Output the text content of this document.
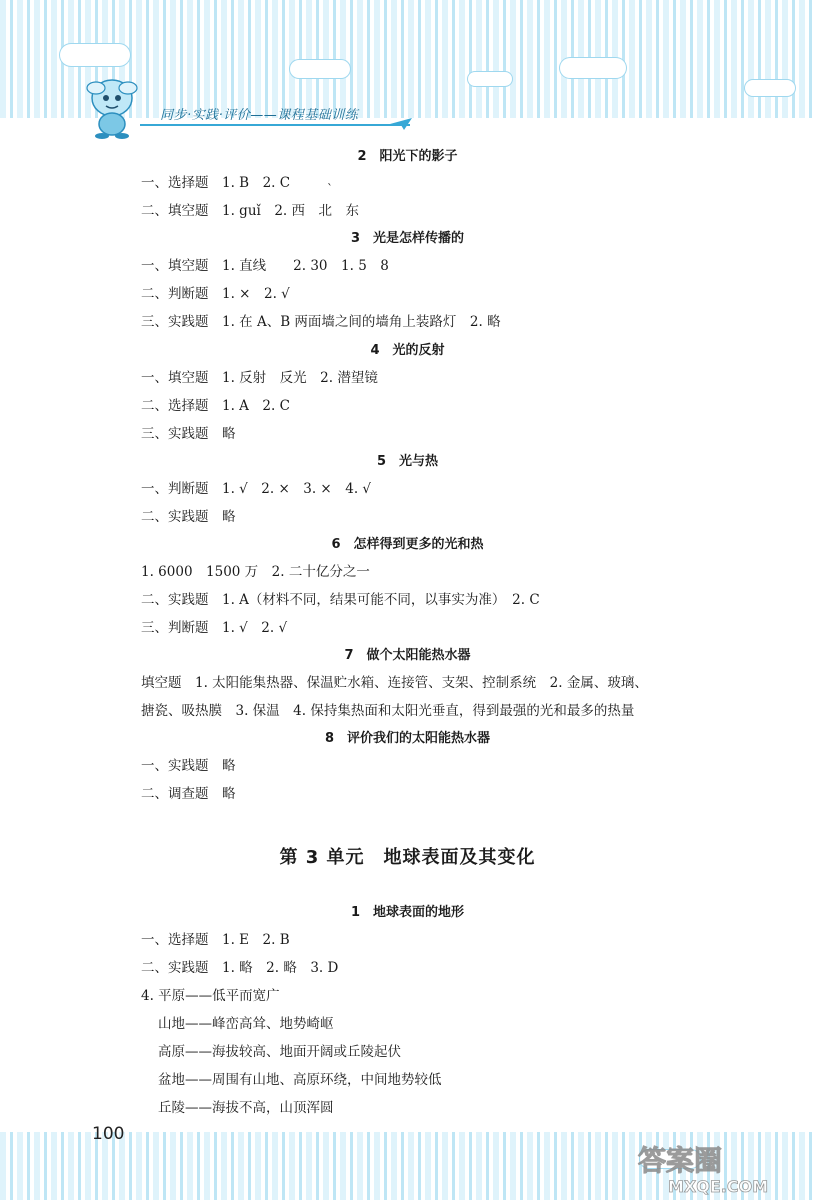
同步·实践·评价——课程基础训练
2　阳光下的影子
一、选择题　1. B　2. C	`
二、填空题　1. guǐ　2. 西　北　东
3　光是怎样传播的
一、填空题　1. 直线　　2. 30　1. 5　8
二、判断题　1. ×　2. √
三、实践题　1. 在 A、B 两面墙之间的墙角上装路灯　2. 略
4　光的反射
一、填空题　1. 反射　反光　2. 潜望镜
二、选择题　1. A　2. C
三、实践题　略
5　光与热
一、判断题　1. √　2. ×　3. ×　4. √
二、实践题　略
6　怎样得到更多的光和热
1. 6000　1500 万　2. 二十亿分之一
二、实践题　1. A（材料不同，结果可能不同，以事实为准）　2. C
三、判断题　1. √　2. √
7　做个太阳能热水器
填空题　1. 太阳能集热器、保温贮水箱、连接管、支架、控制系统　2. 金属、玻璃、
搪瓷、吸热膜　3. 保温　4. 保持集热面和太阳光垂直，得到最强的光和最多的热量
8　评价我们的太阳能热水器
一、实践题　略
二、调查题　略
第 3 单元　地球表面及其变化
1　地球表面的地形
一、选择题　1. E　2. B
二、实践题　1. 略　2. 略　3. D
4. 平原——低平而宽广
山地——峰峦高耸、地势崎岖
高原——海拔较高、地面开阔或丘陵起伏
盆地——周围有山地、高原环绕，中间地势较低
丘陵——海拔不高，山顶浑圆
100
答案圈
MXQE.COM
